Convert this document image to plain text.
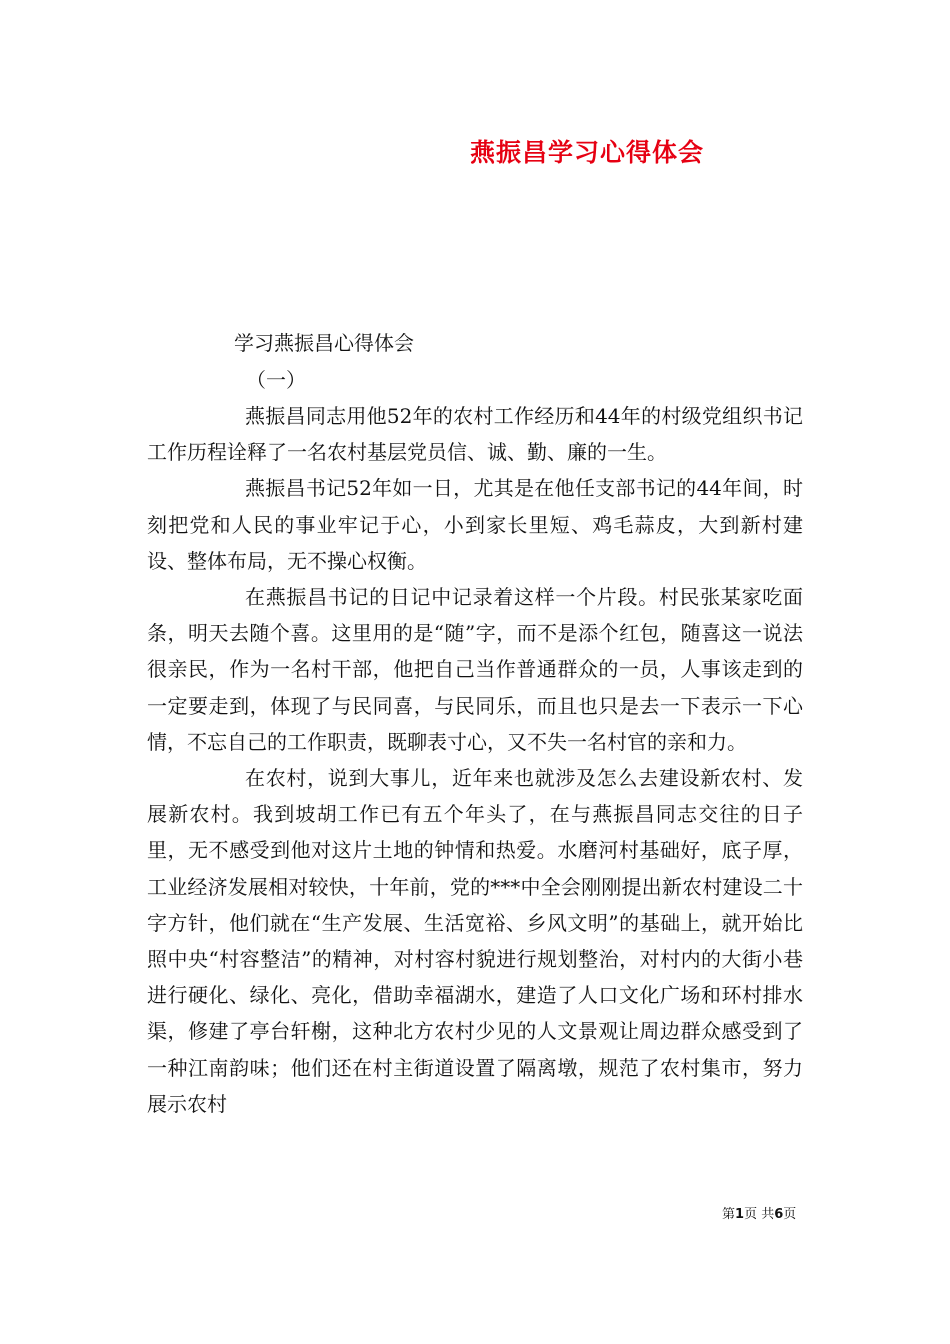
燕振昌学习心得体会
学习燕振昌心得体会
（一）

燕振昌同志用他52年的农村工作经历和44年的村级党组织书记工作历程诠释了一名农村基层党员信、诚、勤、廉的一生。

燕振昌书记52年如一日，尤其是在他任支部书记的44年间，时刻把党和人民的事业牢记于心，小到家长里短、鸡毛蒜皮，大到新村建设、整体布局，无不操心权衡。

在燕振昌书记的日记中记录着这样一个片段。村民张某家吃面条，明天去随个喜。这里用的是“随”字，而不是添个红包，随喜这一说法很亲民，作为一名村干部，他把自己当作普通群众的一员，人事该走到的一定要走到，体现了与民同喜，与民同乐，而且也只是去一下表示一下心情，不忘自己的工作职责，既聊表寸心，又不失一名村官的亲和力。

在农村，说到大事儿，近年来也就涉及怎么去建设新农村、发展新农村。我到坡胡工作已有五个年头了，在与燕振昌同志交往的日子里，无不感受到他对这片土地的钟情和热爱。水磨河村基础好，底子厚，工业经济发展相对较快，十年前，党的***中全会刚刚提出新农村建设二十字方针，他们就在“生产发展、生活宽裕、乡风文明”的基础上，就开始比照中央“村容整洁”的精神，对村容村貌进行规划整治，对村内的大街小巷进行硬化、绿化、亮化，借助幸福湖水，建造了人口文化广场和环村排水渠，修建了亭台轩榭，这种北方农村少见的人文景观让周边群众感受到了一种江南韵味；他们还在村主街道设置了隔离墩，规范了农村集市，努力展示农村

第1页 共6页
